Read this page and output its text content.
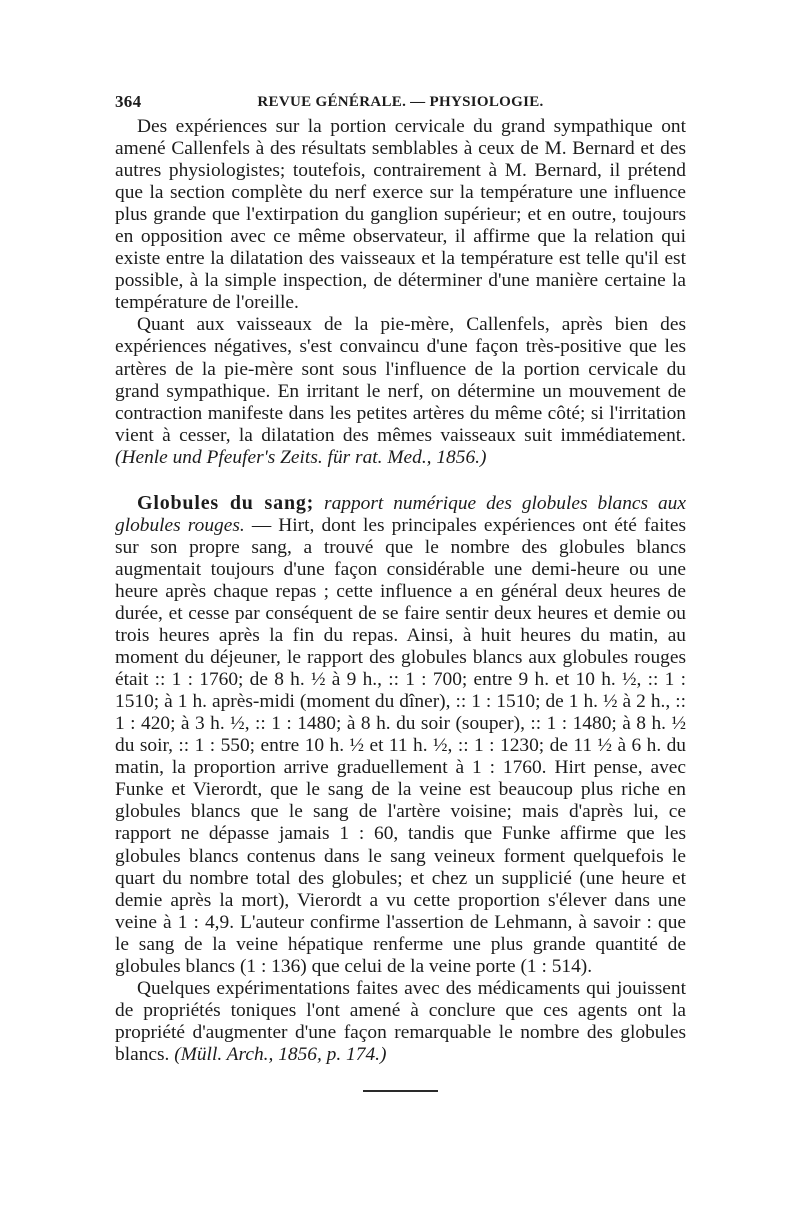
364	REVUE GÉNÉRALE. — PHYSIOLOGIE.

Des expériences sur la portion cervicale du grand sympathique ont amené Callenfels à des résultats semblables à ceux de M. Bernard et des autres physiologistes; toutefois, contrairement à M. Bernard, il prétend que la section complète du nerf exerce sur la température une influence plus grande que l'extirpation du ganglion supérieur; et en outre, toujours en opposition avec ce même observateur, il affirme que la relation qui existe entre la dilatation des vaisseaux et la température est telle qu'il est possible, à la simple inspection, de déterminer d'une manière certaine la température de l'oreille.

Quant aux vaisseaux de la pie-mère, Callenfels, après bien des expériences négatives, s'est convaincu d'une façon très-positive que les artères de la pie-mère sont sous l'influence de la portion cervicale du grand sympathique. En irritant le nerf, on détermine un mouvement de contraction manifeste dans les petites artères du même côté; si l'irritation vient à cesser, la dilatation des mêmes vaisseaux suit immédiatement. (Henle und Pfeufer's Zeits. für rat. Med., 1856.)

Globules du sang; rapport numérique des globules blancs aux globules rouges. — Hirt, dont les principales expériences ont été faites sur son propre sang, a trouvé que le nombre des globules blancs augmentait toujours d'une façon considérable une demi-heure ou une heure après chaque repas ; cette influence a en général deux heures de durée, et cesse par conséquent de se faire sentir deux heures et demie ou trois heures après la fin du repas. Ainsi, à huit heures du matin, au moment du déjeuner, le rapport des globules blancs aux globules rouges était :: 1 : 1760; de 8 h. ½ à 9 h., :: 1 : 700; entre 9 h. et 10 h. ½, :: 1 : 1510; à 1 h. après-midi (moment du dîner), :: 1 : 1510; de 1 h. ½ à 2 h., :: 1 : 420; à 3 h. ½, :: 1 : 1480; à 8 h. du soir (souper), :: 1 : 1480; à 8 h. ½ du soir, :: 1 : 550; entre 10 h. ½ et 11 h. ½, :: 1 : 1230; de 11 ½ à 6 h. du matin, la proportion arrive graduellement à 1 : 1760. Hirt pense, avec Funke et Vierordt, que le sang de la veine est beaucoup plus riche en globules blancs que le sang de l'artère voisine; mais d'après lui, ce rapport ne dépasse jamais 1 : 60, tandis que Funke affirme que les globules blancs contenus dans le sang veineux forment quelquefois le quart du nombre total des globules; et chez un supplicié (une heure et demie après la mort), Vierordt a vu cette proportion s'élever dans une veine à 1 : 4,9. L'auteur confirme l'assertion de Lehmann, à savoir : que le sang de la veine hépatique renferme une plus grande quantité de globules blancs (1 : 136) que celui de la veine porte (1 : 514).

Quelques expérimentations faites avec des médicaments qui jouissent de propriétés toniques l'ont amené à conclure que ces agents ont la propriété d'augmenter d'une façon remarquable le nombre des globules blancs. (Müll. Arch., 1856, p. 174.)
